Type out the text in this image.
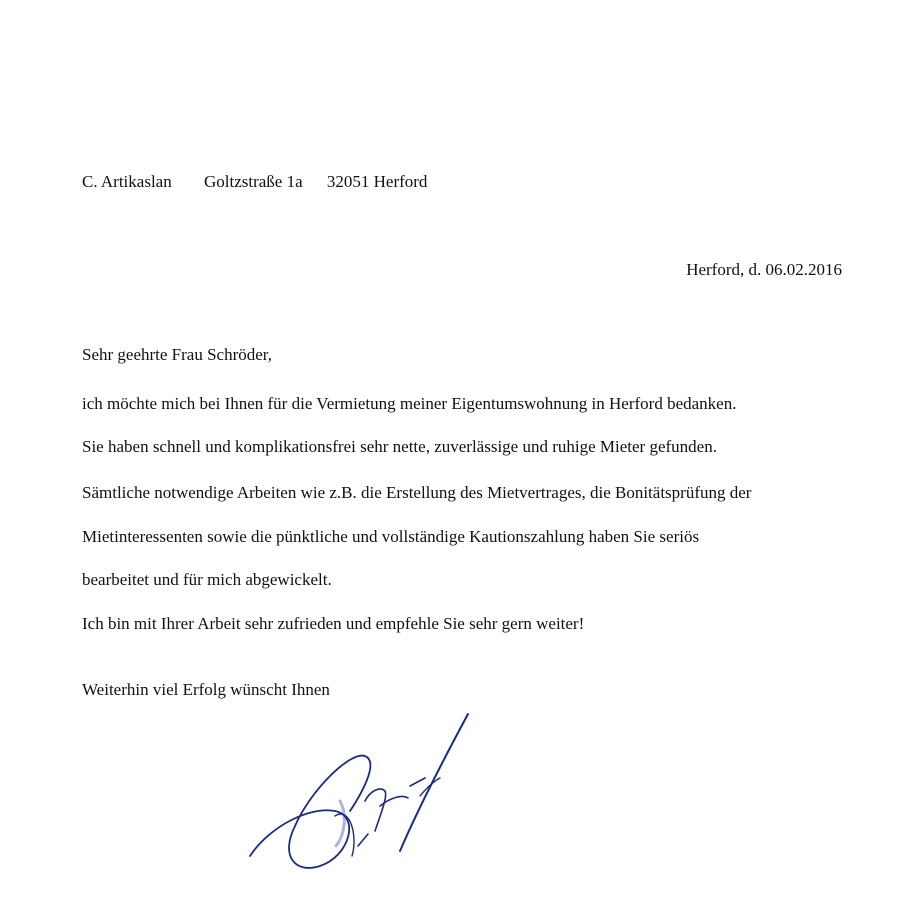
C. Artikaslan Goltzstraße 1a 32051 Herford
Herford, d. 06.02.2016
Sehr geehrte Frau Schröder,
ich möchte mich bei Ihnen für die Vermietung meiner Eigentumswohnung in Herford bedanken.
Sie haben schnell und komplikationsfrei sehr nette, zuverlässige und ruhige Mieter gefunden.
Sämtliche notwendige Arbeiten wie z.B. die Erstellung des Mietvertrages, die Bonitätsprüfung der
Mietinteressenten sowie die pünktliche und vollständige Kautionszahlung haben Sie seriös
bearbeitet und für mich abgewickelt.
Ich bin mit Ihrer Arbeit sehr zufrieden und empfehle Sie sehr gern weiter!
Weiterhin viel Erfolg wünscht Ihnen
